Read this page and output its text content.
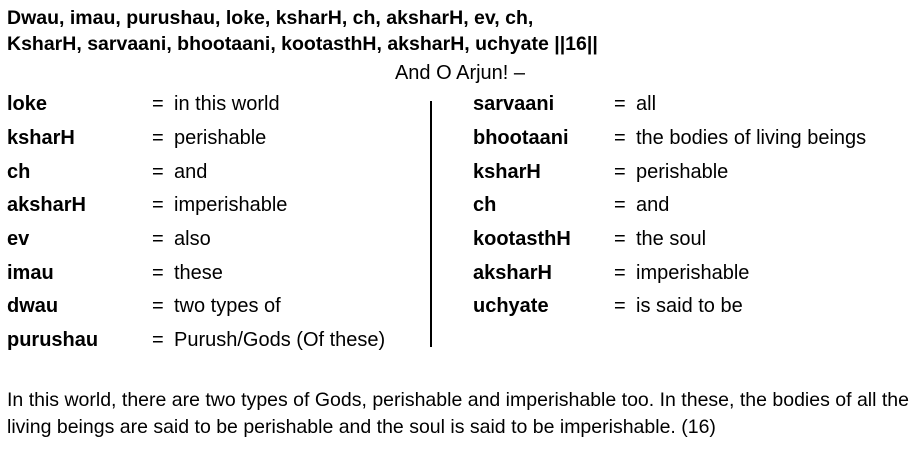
Dwau, imau, purushau, loke, ksharH, ch, aksharH, ev, ch,
KsharH, sarvaani, bhootaani, kootasthH, aksharH, uchyate ||16||
And O Arjun! –
loke	= in this world
ksharH	= perishable
ch	= and
aksharH	= imperishable
ev	= also
imau	= these
dwau	= two types of
purushau	= Purush/Gods (Of these)
sarvaani	= all
bhootaani	= the bodies of living beings
ksharH	= perishable
ch	= and
kootasthH	= the soul
aksharH	= imperishable
uchyate	= is said to be
In this world, there are two types of Gods, perishable and imperishable too. In these, the bodies of all the living beings are said to be perishable and the soul is said to be imperishable. (16)
